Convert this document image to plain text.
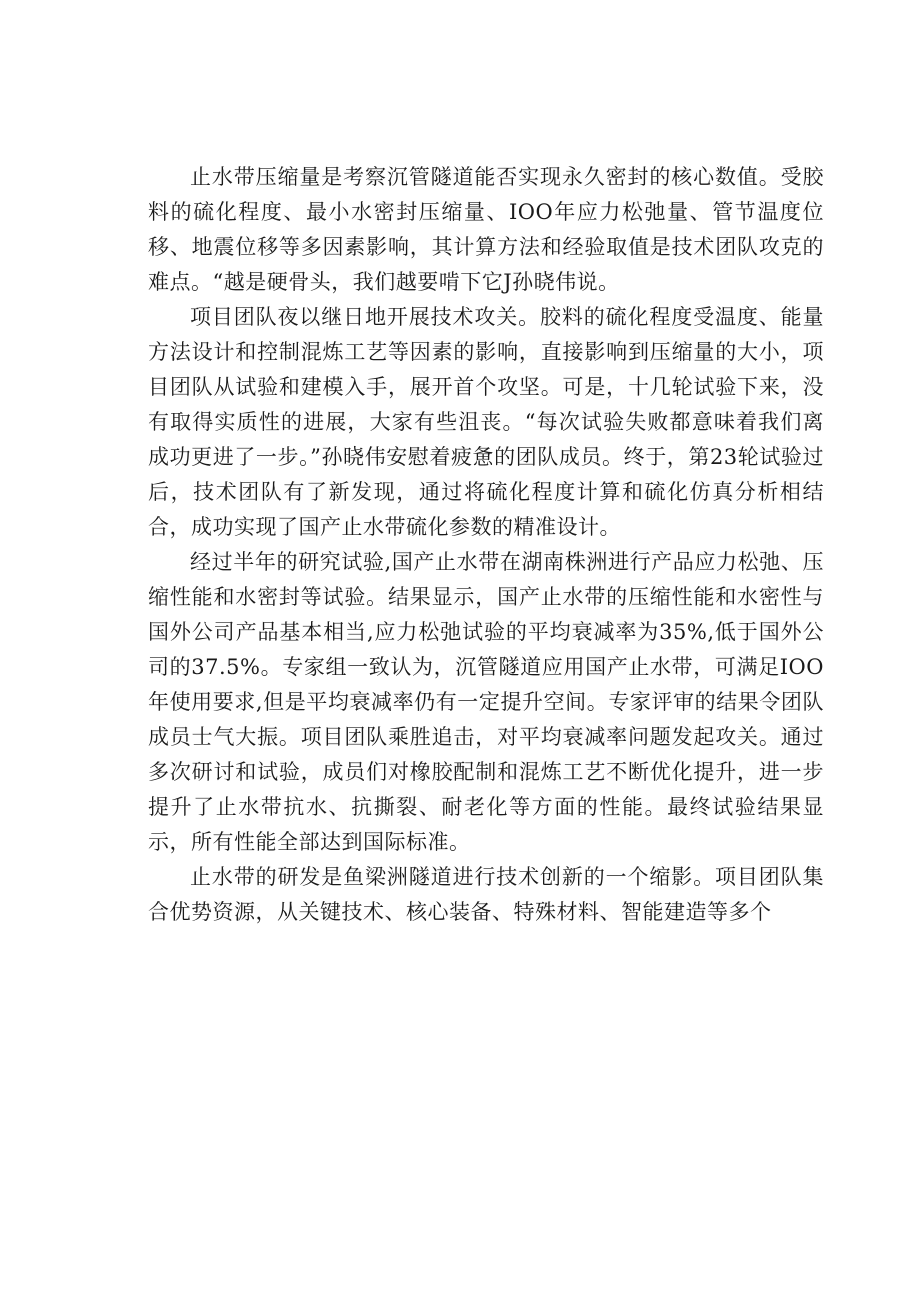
止水带压缩量是考察沉管隧道能否实现永久密封的核心数值。受胶料的硫化程度、最小水密封压缩量、IOO年应力松弛量、管节温度位移、地震位移等多因素影响，其计算方法和经验取值是技术团队攻克的难点。“越是硬骨头，我们越要啃下它J孙晓伟说。

项目团队夜以继日地开展技术攻关。胶料的硫化程度受温度、能量方法设计和控制混炼工艺等因素的影响，直接影响到压缩量的大小，项目团队从试验和建模入手，展开首个攻坚。可是，十几轮试验下来，没有取得实质性的进展，大家有些沮丧。“每次试验失败都意味着我们离成功更进了一步。”孙晓伟安慰着疲惫的团队成员。终于，第23轮试验过后，技术团队有了新发现，通过将硫化程度计算和硫化仿真分析相结合，成功实现了国产止水带硫化参数的精准设计。

经过半年的研究试验,国产止水带在湖南株洲进行产品应力松弛、压缩性能和水密封等试验。结果显示，国产止水带的压缩性能和水密性与国外公司产品基本相当,应力松弛试验的平均衰减率为35%,低于国外公司的37.5%。专家组一致认为，沉管隧道应用国产止水带，可满足IOO年使用要求,但是平均衰减率仍有一定提升空间。专家评审的结果令团队成员士气大振。项目团队乘胜追击，对平均衰减率问题发起攻关。通过多次研讨和试验，成员们对橡胶配制和混炼工艺不断优化提升，进一步提升了止水带抗水、抗撕裂、耐老化等方面的性能。最终试验结果显示，所有性能全部达到国际标准。

止水带的研发是鱼梁洲隧道进行技术创新的一个缩影。项目团队集合优势资源，从关键技术、核心装备、特殊材料、智能建造等多个
